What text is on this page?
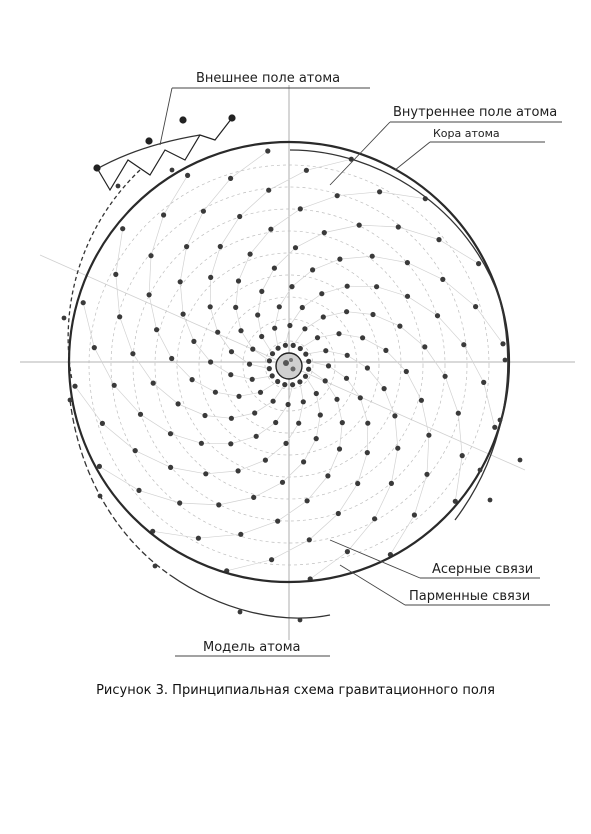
Внешнее поле атома
Внутреннее поле атома
Кора атома
Асерные связи
Парменные связи
Модель атома
Рисунок 3. Принципиальная схема гравитационного поля
